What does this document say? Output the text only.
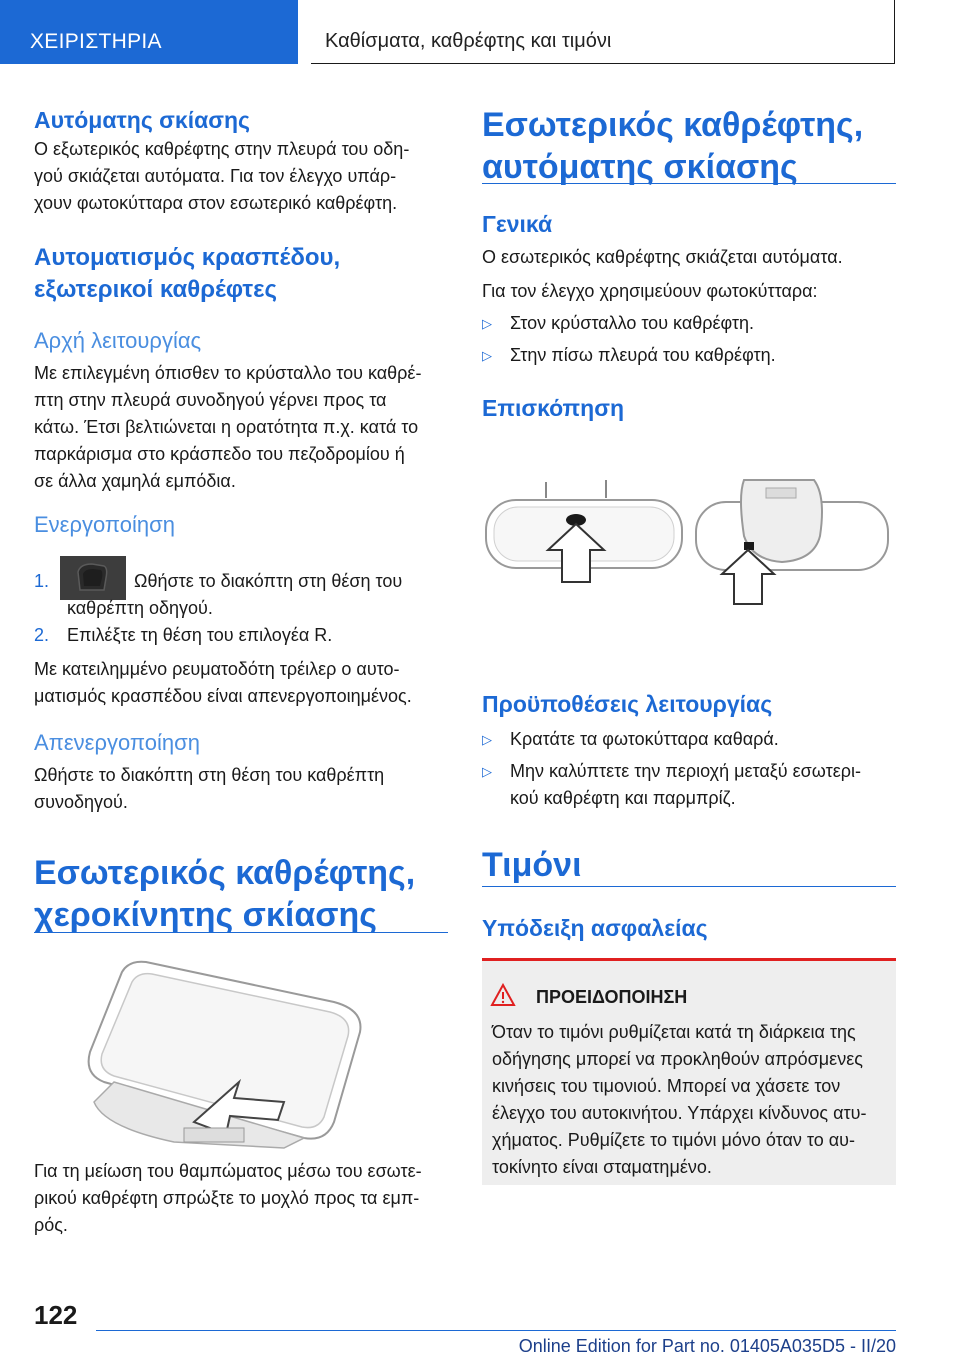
ΧΕΙΡΙΣΤΗΡΙΑ	Καθίσματα, καθρέφτης και τιμόνι
Αυτόματης σκίασης
Ο εξωτερικός καθρέφτης στην πλευρά του οδη-
γού σκιάζεται αυτόματα. Για τον έλεγχο υπάρ-
χουν φωτοκύτταρα στον εσωτερικό καθρέφτη.
Αυτοματισμός κρασπέδου,
εξωτερικοί καθρέφτες
Αρχή λειτουργίας
Με επιλεγμένη όπισθεν το κρύσταλλο του καθρέ-
πτη στην πλευρά συνοδηγού γέρνει προς τα
κάτω. Έτσι βελτιώνεται η ορατότητα π.χ. κατά το
παρκάρισμα στο κράσπεδο του πεζοδρομίου ή
σε άλλα χαμηλά εμπόδια.
Ενεργοποίηση
1.	Ωθήστε το διακόπτη στη θέση του
καθρέπτη οδηγού.
2. Επιλέξτε τη θέση του επιλογέα R.
Με κατειλημμένο ρευματοδότη τρέιλερ ο αυτο-
ματισμός κρασπέδου είναι απενεργοποιημένος.
Απενεργοποίηση
Ωθήστε το διακόπτη στη θέση του καθρέπτη
συνοδηγού.
Εσωτερικός καθρέφτης,
χεροκίνητης σκίασης
Για τη μείωση του θαμπώματος μέσω του εσωτε-
ρικού καθρέφτη σπρώξτε το μοχλό προς τα εμπ-
ρός.
Εσωτερικός καθρέφτης,
αυτόματης σκίασης
Γενικά
Ο εσωτερικός καθρέφτης σκιάζεται αυτόματα.
Για τον έλεγχο χρησιμεύουν φωτοκύτταρα:
▷ Στον κρύσταλλο του καθρέφτη.
▷ Στην πίσω πλευρά του καθρέφτη.
Επισκόπηση
Προϋποθέσεις λειτουργίας
▷ Κρατάτε τα φωτοκύτταρα καθαρά.
▷ Μην καλύπτετε την περιοχή μεταξύ εσωτερι-
κού καθρέφτη και παρμπρίζ.
Τιμόνι
Υπόδειξη ασφαλείας
ΠΡΟΕΙΔΟΠΟΙΗΣΗ
Όταν το τιμόνι ρυθμίζεται κατά τη διάρκεια της
οδήγησης μπορεί να προκληθούν απρόσμενες
κινήσεις του τιμονιού. Μπορεί να χάσετε τον
έλεγχο του αυτοκινήτου. Υπάρχει κίνδυνος ατυ-
χήματος. Ρυθμίζετε το τιμόνι μόνο όταν το αυ-
τοκίνητο είναι σταματημένο.
122
Online Edition for Part no. 01405A035D5 - II/20
